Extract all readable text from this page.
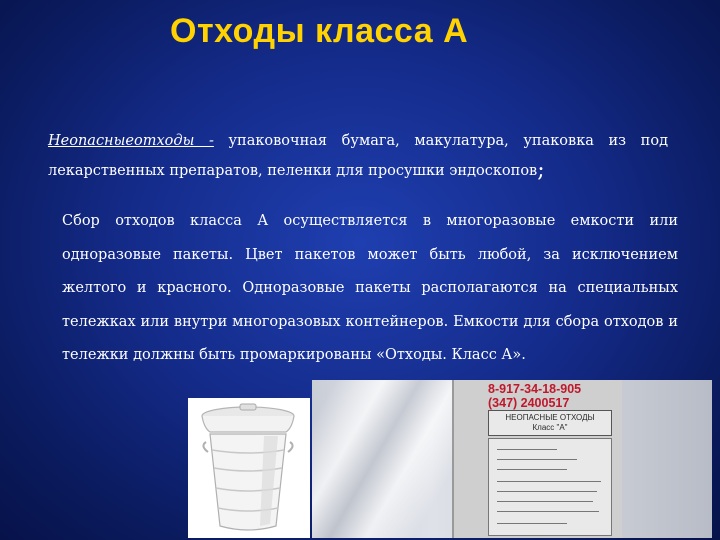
Отходы класса А
Неопасныеотходы - упаковочная бумага, макулатура, упаковка из под лекарственных препаратов, пеленки для просушки эндоскопов;
Сбор отходов класса А осуществляется в многоразовые емкости или одноразовые пакеты. Цвет пакетов может быть любой, за исключением желтого и красного. Одноразовые пакеты располагаются на специальных тележках или внутри многоразовых контейнеров. Емкости для сбора отходов и тележки должны быть промаркированы «Отходы. Класс А».
8-917-34-18-905
(347) 2400517
НЕОПАСНЫЕ ОТХОДЫ
Класс "А"
